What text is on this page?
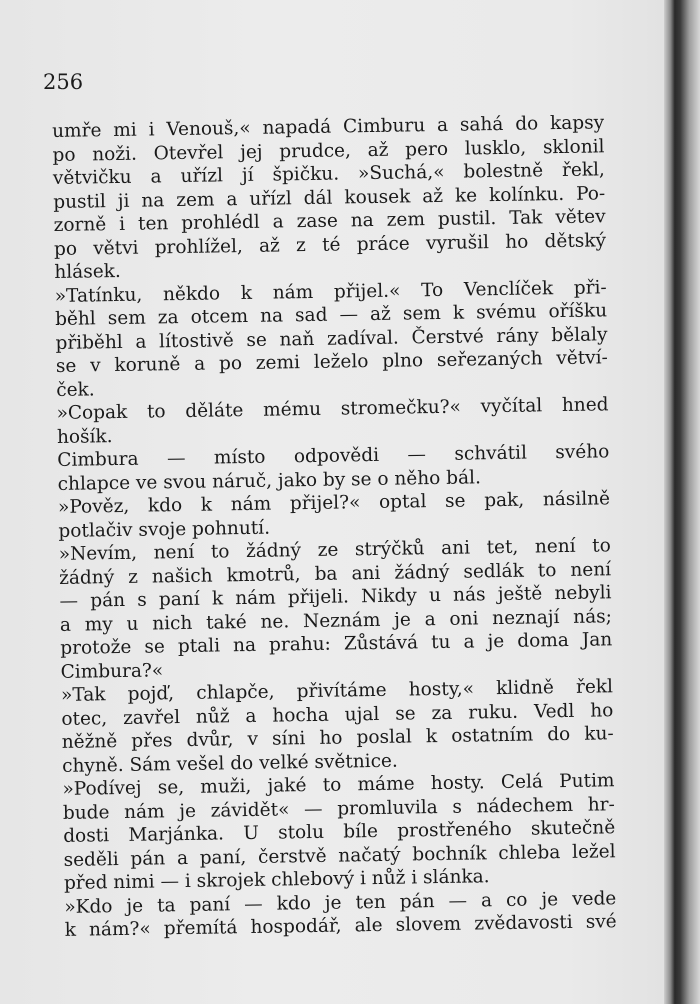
256
umře mi i Venouš,« napadá Cimburu a sahá do kapsy
po noži. Otevřel jej prudce, až pero lusklo, sklonil
větvičku a uřízl jí špičku. »Suchá,« bolestně řekl,
pustil ji na zem a uřízl dál kousek až ke kolínku. Po-
zorně i ten prohlédl a zase na zem pustil. Tak větev
po větvi prohlížel, až z té práce vyrušil ho dětský
hlásek.
»Tatínku, někdo k nám přijel.« To Venclíček při-
běhl sem za otcem na sad — až sem k svému oříšku
přiběhl a lítostivě se naň zadíval. Čerstvé rány bělaly
se v koruně a po zemi leželo plno seřezaných větví-
ček.
»Copak to děláte mému stromečku?« vyčítal hned
hošík.
Cimbura — místo odpovědi — schvátil svého
chlapce ve svou náruč, jako by se o něho bál.
»Pověz, kdo k nám přijel?« optal se pak, násilně
potlačiv svoje pohnutí.
»Nevím, není to žádný ze strýčků ani tet, není to
žádný z našich kmotrů, ba ani žádný sedlák to není
— pán s paní k nám přijeli. Nikdy u nás ještě nebyli
a my u nich také ne. Neznám je a oni neznají nás;
protože se ptali na prahu: Zůstává tu a je doma Jan
Cimbura?«
»Tak pojď, chlapče, přivítáme hosty,« klidně řekl
otec, zavřel nůž a hocha ujal se za ruku. Vedl ho
něžně přes dvůr, v síni ho poslal k ostatním do ku-
chyně. Sám vešel do velké světnice.
»Podívej se, muži, jaké to máme hosty. Celá Putim
bude nám je závidět« — promluvila s nádechem hr-
dosti Marjánka. U stolu bíle prostřeného skutečně
seděli pán a paní, čerstvě načatý bochník chleba ležel
před nimi — i skrojek chlebový i nůž i slánka.
»Kdo je ta paní — kdo je ten pán — a co je vede
k nám?« přemítá hospodář, ale slovem zvědavosti své
